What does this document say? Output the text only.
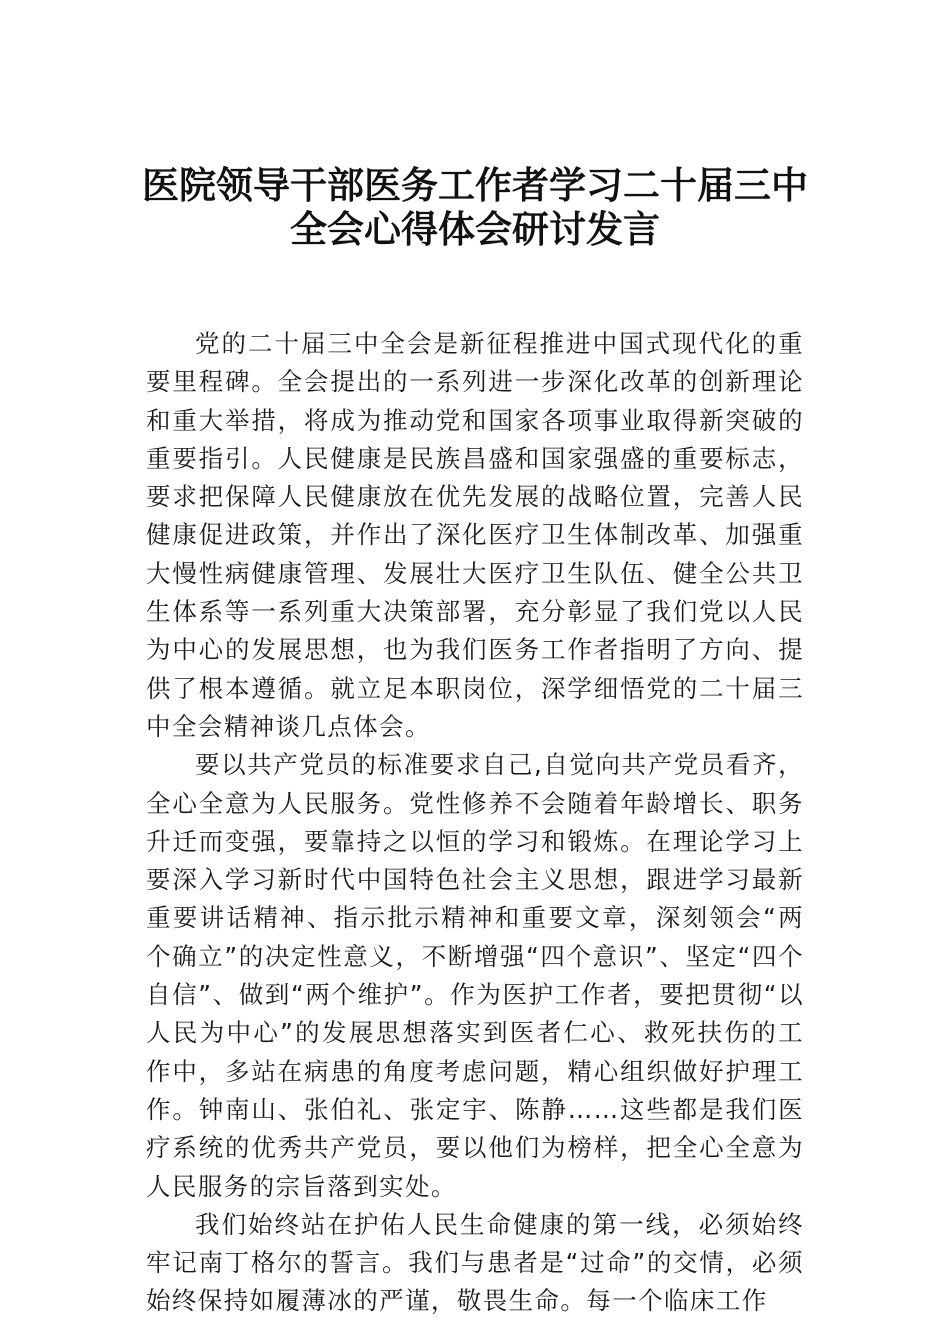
医院领导干部医务工作者学习二十届三中
全会心得体会研讨发言

党的二十届三中全会是新征程推进中国式现代化的重要里程碑。全会提出的一系列进一步深化改革的创新理论和重大举措，将成为推动党和国家各项事业取得新突破的重要指引。人民健康是民族昌盛和国家强盛的重要标志，要求把保障人民健康放在优先发展的战略位置，完善人民健康促进政策，并作出了深化医疗卫生体制改革、加强重大慢性病健康管理、发展壮大医疗卫生队伍、健全公共卫生体系等一系列重大决策部署，充分彰显了我们党以人民为中心的发展思想，也为我们医务工作者指明了方向、提供了根本遵循。就立足本职岗位，深学细悟党的二十届三中全会精神谈几点体会。

要以共产党员的标准要求自己,自觉向共产党员看齐，全心全意为人民服务。党性修养不会随着年龄增长、职务升迁而变强，要靠持之以恒的学习和锻炼。在理论学习上要深入学习新时代中国特色社会主义思想，跟进学习最新重要讲话精神、指示批示精神和重要文章，深刻领会“两个确立”的决定性意义，不断增强“四个意识”、坚定“四个自信”、做到“两个维护”。作为医护工作者，要把贯彻“以人民为中心”的发展思想落实到医者仁心、救死扶伤的工作中，多站在病患的角度考虑问题，精心组织做好护理工作。钟南山、张伯礼、张定宇、陈静……这些都是我们医疗系统的优秀共产党员，要以他们为榜样，把全心全意为人民服务的宗旨落到实处。

我们始终站在护佑人民生命健康的第一线，必须始终牢记南丁格尔的誓言。我们与患者是“过命”的交情，必须始终保持如履薄冰的严谨，敬畏生命。每一个临床工作
